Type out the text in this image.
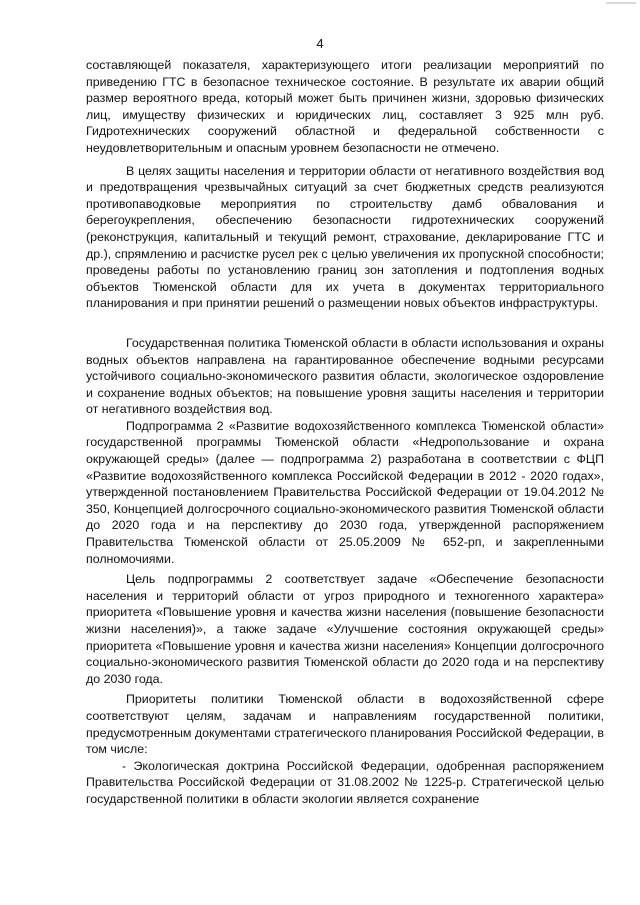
4

составляющей показателя, характеризующего итоги реализации мероприятий по приведению ГТС в безопасное техническое состояние. В результате их аварии общий размер вероятного вреда, который может быть причинен жизни, здоровью физических лиц, имуществу физических и юридических лиц, составляет 3 925 млн руб. Гидротехнических сооружений областной и федеральной собственности с неудовлетворительным и опасным уровнем безопасности не отмечено.

В целях защиты населения и территории области от негативного воздействия вод и предотвращения чрезвычайных ситуаций за счет бюджетных средств реализуются противопаводковые мероприятия по строительству дамб обвалования и берегоукрепления, обеспечению безопасности гидротехнических сооружений (реконструкция, капитальный и текущий ремонт, страхование, декларирование ГТС и др.), спрямлению и расчистке русел рек с целью увеличения их пропускной способности; проведены работы по установлению границ зон затопления и подтопления водных объектов Тюменской области для их учета в документах территориального планирования и при принятии решений о размещении новых объектов инфраструктуры.

Государственная политика Тюменской области в области использования и охраны водных объектов направлена на гарантированное обеспечение водными ресурсами устойчивого социально-экономического развития области, экологическое оздоровление и сохранение водных объектов; на повышение уровня защиты населения и территории от негативного воздействия вод.

Подпрограмма 2 «Развитие водохозяйственного комплекса Тюменской области» государственной программы Тюменской области «Недропользование и охрана окружающей среды» (далее — подпрограмма 2) разработана в соответствии с ФЦП «Развитие водохозяйственного комплекса Российской Федерации в 2012 - 2020 годах», утвержденной постановлением Правительства Российской Федерации от 19.04.2012 № 350, Концепцией долгосрочного социально-экономического развития Тюменской области до 2020 года и на перспективу до 2030 года, утвержденной распоряжением Правительства Тюменской области от 25.05.2009 № 652-рп, и закрепленными полномочиями.

Цель подпрограммы 2 соответствует задаче «Обеспечение безопасности населения и территорий области от угроз природного и техногенного характера» приоритета «Повышение уровня и качества жизни населения (повышение безопасности жизни населения)», а также задаче «Улучшение состояния окружающей среды» приоритета «Повышение уровня и качества жизни населения» Концепции долгосрочного социально-экономического развития Тюменской области до 2020 года и на перспективу до 2030 года.

Приоритеты политики Тюменской области в водохозяйственной сфере соответствуют целям, задачам и направлениям государственной политики, предусмотренным документами стратегического планирования Российской Федерации, в том числе:

- Экологическая доктрина Российской Федерации, одобренная распоряжением Правительства Российской Федерации от 31.08.2002 № 1225-р. Стратегической целью государственной политики в области экологии является сохранение
